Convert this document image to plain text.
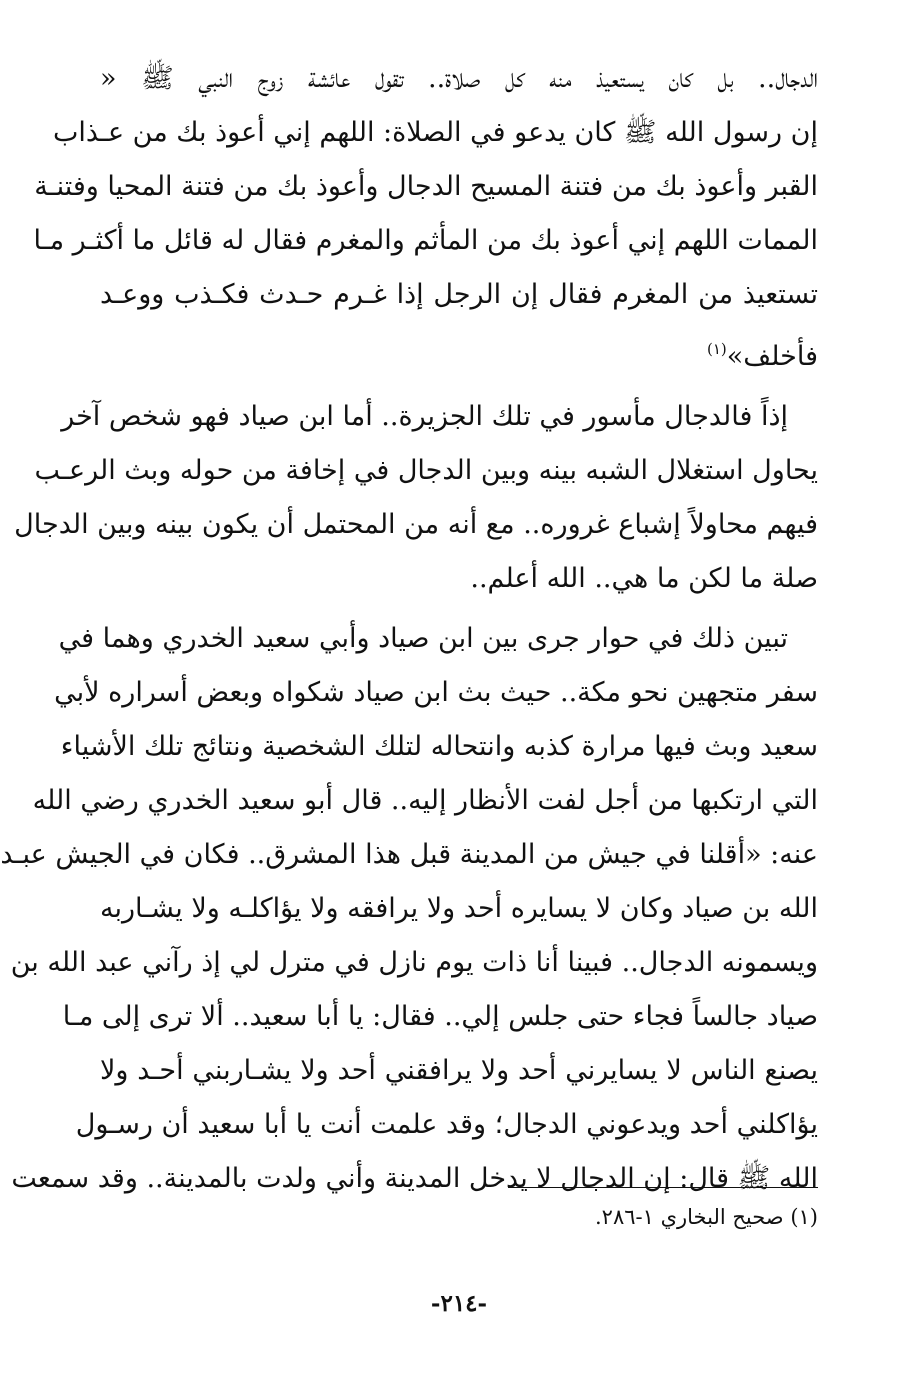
الدجال.. بل كان يستعيذ منه كل صلاة.. تقول عائشة زوج النبي ﷺ «
إن رسول الله ﷺ كان يدعو في الصلاة: اللهم إني أعوذ بك من عـذاب
القبر وأعوذ بك من فتنة المسيح الدجال وأعوذ بك من فتنة المحيا وفتنـة
الممات اللهم إني أعوذ بك من المأثم والمغرم فقال له قائل ما أكثـر مـا
تستعيذ من المغرم فقال إن الرجل إذا غـرم حـدث فكـذب ووعـد
فأخلف»$^{(١)}$

إذاً فالدجال مأسور في تلك الجزيرة.. أما ابن صياد فهو شخص آخر
يحاول استغلال الشبه بينه وبين الدجال في إخافة من حوله وبث الرعـب
فيهم محاولاً إشباع غروره.. مع أنه من المحتمل أن يكون بينه وبين الدجال
صلة ما لكن ما هي.. الله أعلم..

تبين ذلك في حوار جرى بين ابن صياد وأبي سعيد الخدري وهما في
سفر متجهين نحو مكة.. حيث بث ابن صياد شكواه وبعض أسراره لأبي
سعيد وبث فيها مرارة كذبه وانتحاله لتلك الشخصية ونتائج تلك الأشياء
التي ارتكبها من أجل لفت الأنظار إليه.. قال أبو سعيد الخدري رضي الله
عنه: «أقلنا في جيش من المدينة قبل هذا المشرق.. فكان في الجيش عبـد
الله بن صياد وكان لا يسايره أحد ولا يرافقه ولا يؤاكلـه ولا يشـاربه
ويسمونه الدجال.. فبينا أنا ذات يوم نازل في مترل لي إذ رآني عبد الله بن
صياد جالساً فجاء حتى جلس إلي.. فقال: يا أبا سعيد.. ألا ترى إلى مـا
يصنع الناس لا يسايرني أحد ولا يرافقني أحد ولا يشـاربني أحـد ولا
يؤاكلني أحد ويدعوني الدجال؛ وقد علمت أنت يا أبا سعيد أن رسـول
الله ﷺ قال: إن الدجال لا يدخل المدينة وأني ولدت بالمدينة.. وقد سمعت

(١) صحيح البخاري ١-٢٨٦.
-٢١٤-
